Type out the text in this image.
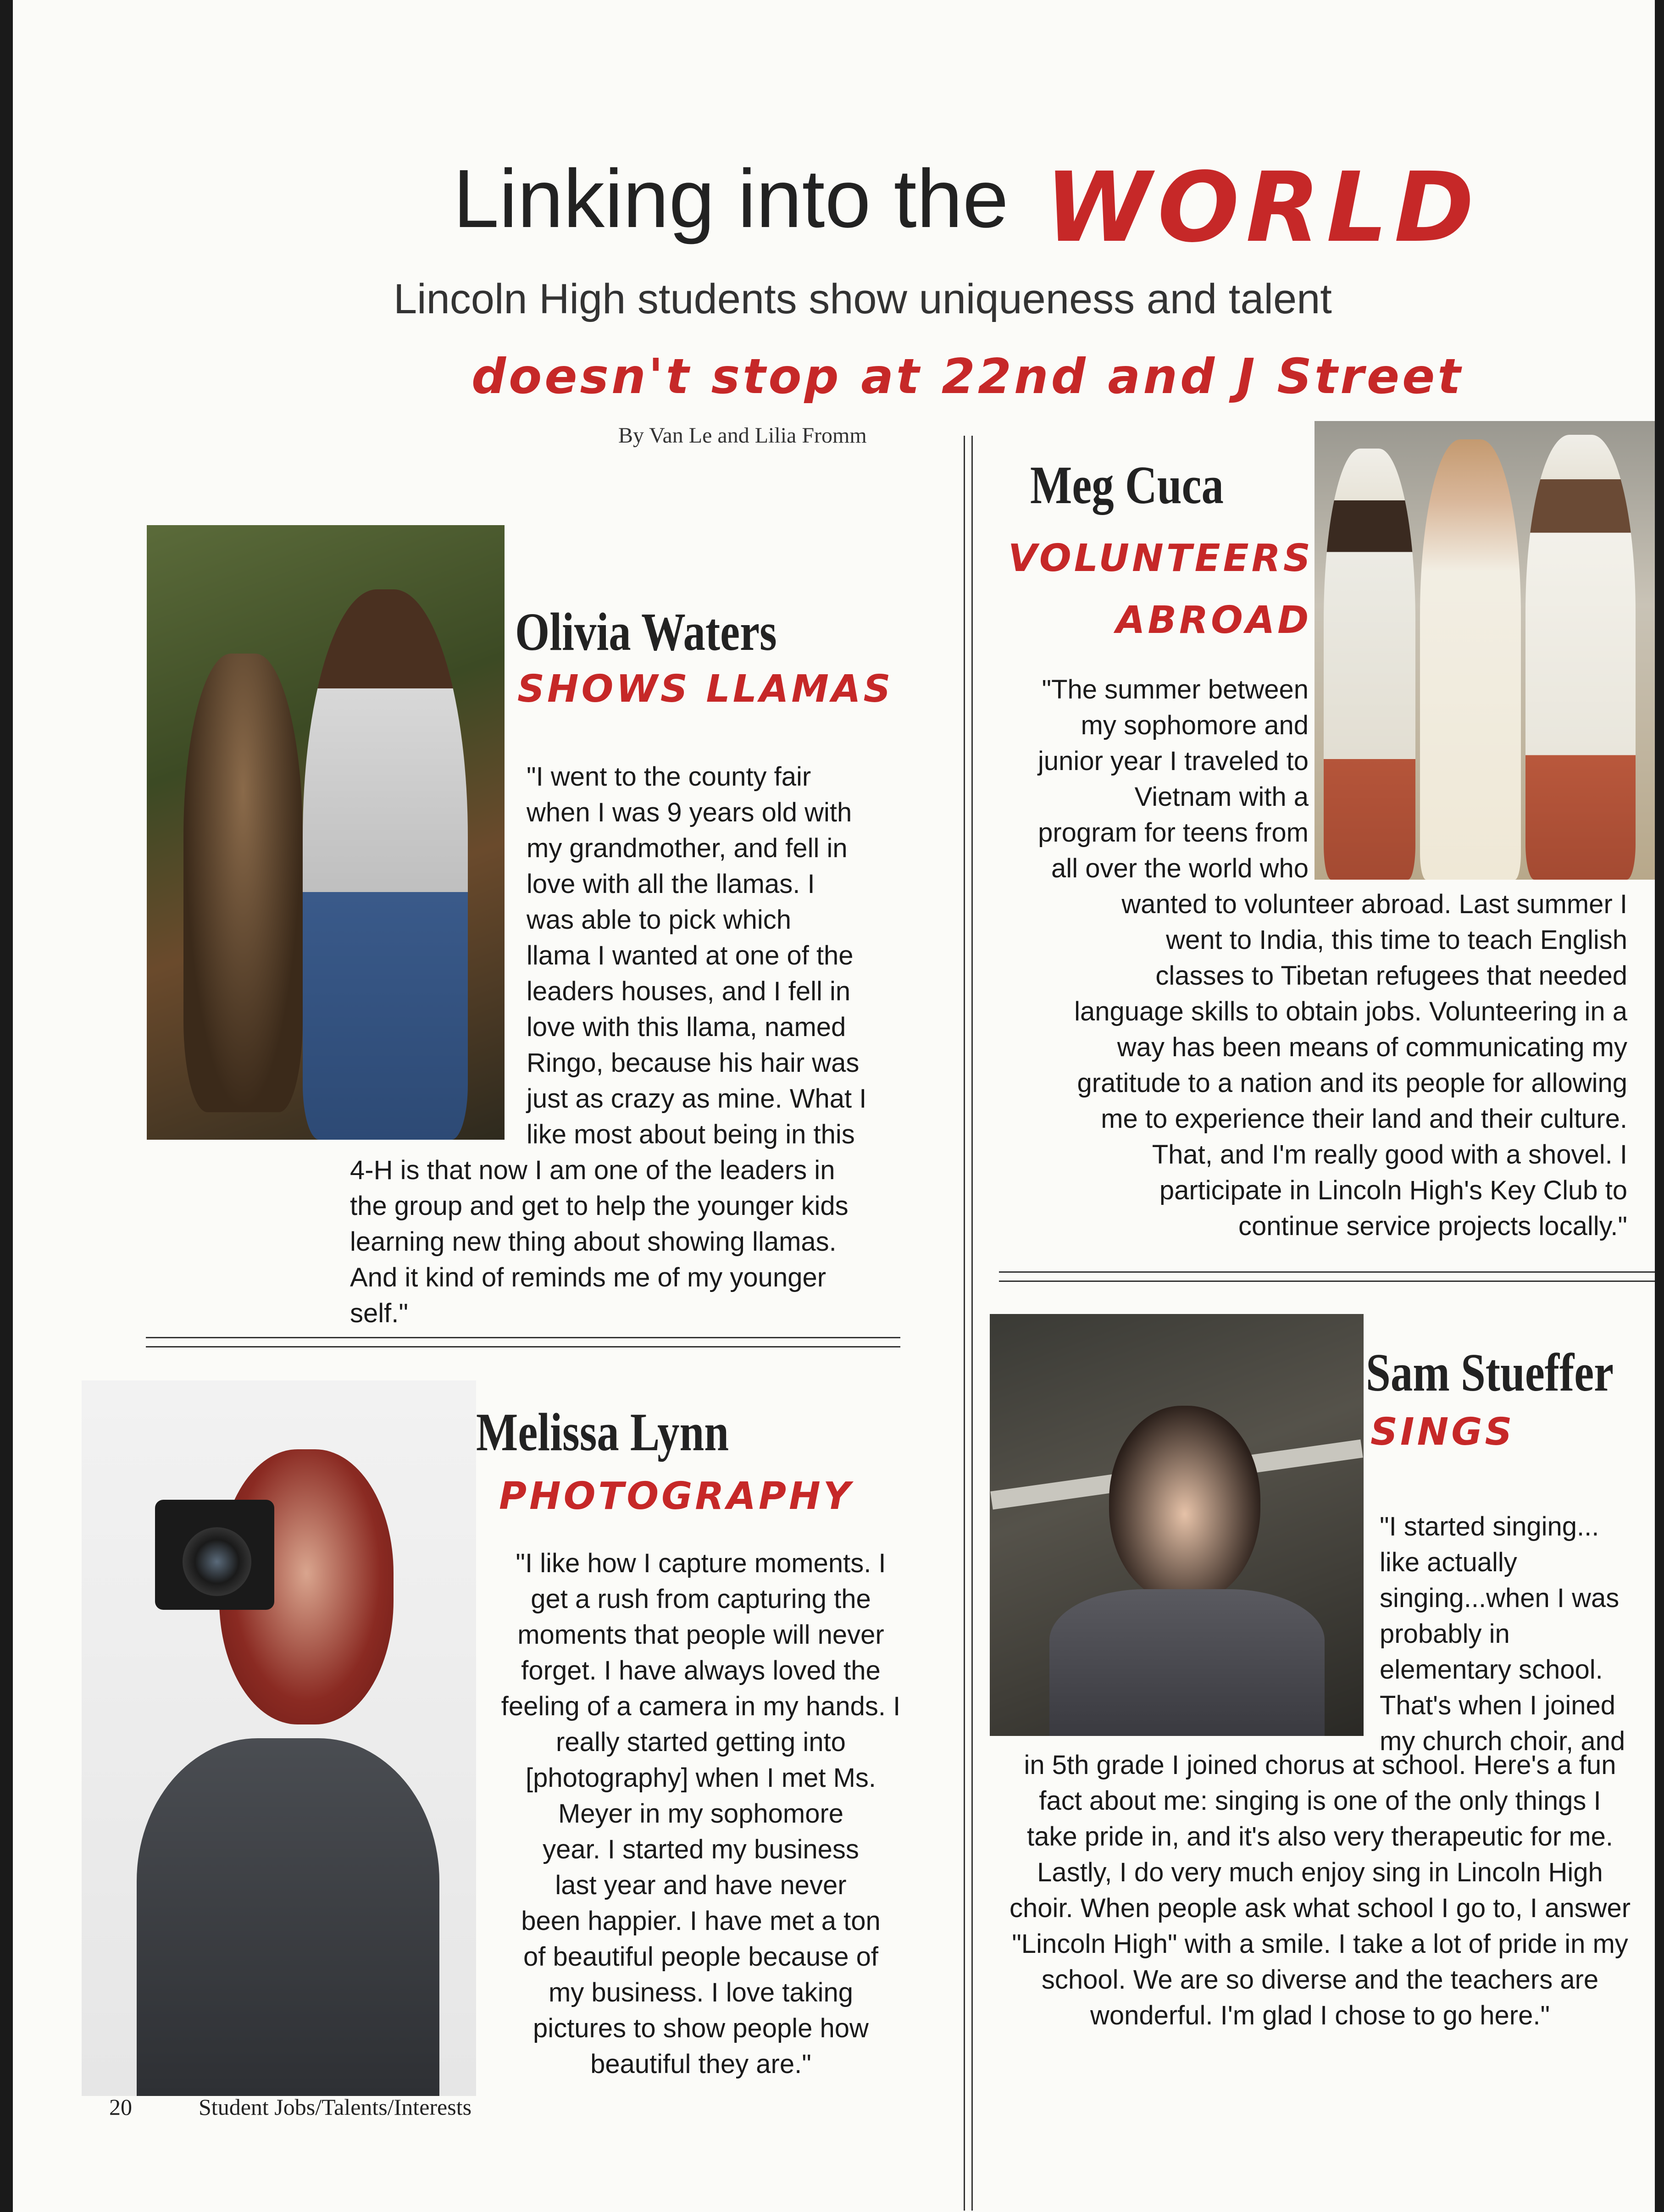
Linking into the WORLD
Lincoln High students show uniqueness and talent
doesn't stop at 22nd and J Street
By Van Le and Lilia Fromm
Olivia Waters
SHOWS LLAMAS
"I went to the county fair
when I was 9 years old with
my grandmother, and fell in
love with all the llamas. I
was able to pick which
llama I wanted at one of the
leaders houses, and I fell in
love with this llama, named
Ringo, because his hair was
just as crazy as mine. What I
like most about being in this
4-H is that now I am one of the leaders in
the group and get to help the younger kids
learning new thing about showing llamas.
And it kind of reminds me of my younger
self."
Meg Cuca
VOLUNTEERS
ABROAD
"The summer between
my sophomore and
junior year I traveled to
Vietnam with a
program for teens from
all over the world who
wanted to volunteer abroad. Last summer I
went to India, this time to teach English
classes to Tibetan refugees that needed
language skills to obtain jobs. Volunteering in a
way has been means of communicating my
gratitude to a nation and its people for allowing
me to experience their land and their culture.
That, and I'm really good with a shovel. I
participate in Lincoln High's Key Club to
continue service projects locally."
Melissa Lynn
PHOTOGRAPHY
"I like how I capture moments. I
get a rush from capturing the
moments that people will never
forget. I have always loved the
feeling of a camera in my hands. I
really started getting into
[photography] when I met Ms.
Meyer in my sophomore
year. I started my business
last year and have never
been happier. I have met a ton
of beautiful people because of
my business. I love taking
pictures to show people how
beautiful they are."
Sam Stueffer
SINGS
"I started singing...
like actually
singing...when I was
probably in
elementary school.
That's when I joined
my church choir, and
in 5th grade I joined chorus at school. Here's a fun
fact about me: singing is one of the only things I
take pride in, and it's also very therapeutic for me.
Lastly, I do very much enjoy sing in Lincoln High
choir. When people ask what school I go to, I answer
"Lincoln High" with a smile. I take a lot of pride in my
school. We are so diverse and the teachers are
wonderful. I'm glad I chose to go here."
20	Student Jobs/Talents/Interests
